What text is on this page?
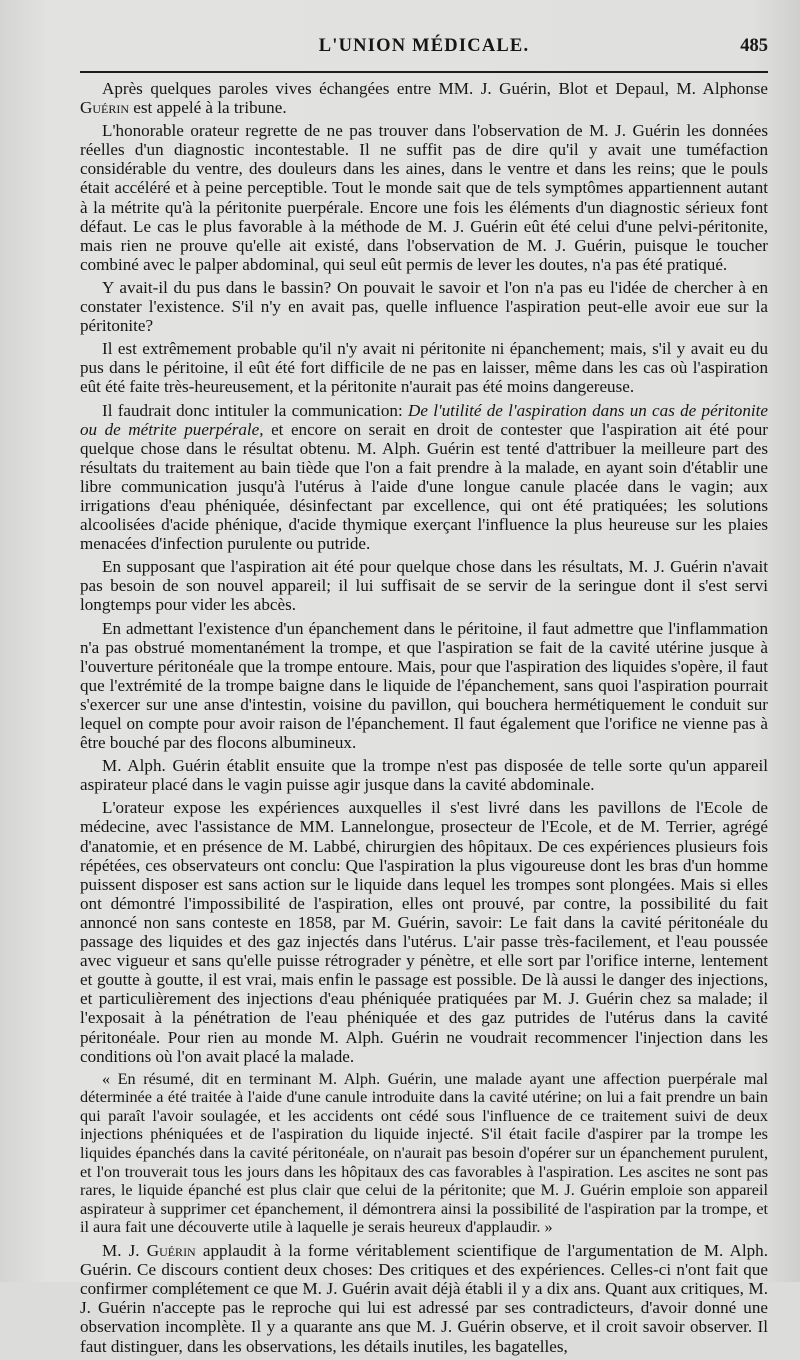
L'UNION MÉDICALE.	485

Après quelques paroles vives échangées entre MM. J. Guérin, Blot et Depaul, M. Alphonse Guérin est appelé à la tribune.

L'honorable orateur regrette de ne pas trouver dans l'observation de M. J. Guérin les données réelles d'un diagnostic incontestable. Il ne suffit pas de dire qu'il y avait une tuméfaction considérable du ventre, des douleurs dans les aines, dans le ventre et dans les reins; que le pouls était accéléré et à peine perceptible. Tout le monde sait que de tels symptômes appartiennent autant à la métrite qu'à la péritonite puerpérale. Encore une fois les éléments d'un diagnostic sérieux font défaut. Le cas le plus favorable à la méthode de M. J. Guérin eût été celui d'une pelvi-péritonite, mais rien ne prouve qu'elle ait existé, dans l'observation de M. J. Guérin, puisque le toucher combiné avec le palper abdominal, qui seul eût permis de lever les doutes, n'a pas été pratiqué.

Y avait-il du pus dans le bassin? On pouvait le savoir et l'on n'a pas eu l'idée de chercher à en constater l'existence. S'il n'y en avait pas, quelle influence l'aspiration peut-elle avoir eue sur la péritonite?

Il est extrêmement probable qu'il n'y avait ni péritonite ni épanchement; mais, s'il y avait eu du pus dans le péritoine, il eût été fort difficile de ne pas en laisser, même dans les cas où l'aspiration eût été faite très-heureusement, et la péritonite n'aurait pas été moins dangereuse.

Il faudrait donc intituler la communication: De l'utilité de l'aspiration dans un cas de péritonite ou de métrite puerpérale, et encore on serait en droit de contester que l'aspiration ait été pour quelque chose dans le résultat obtenu. M. Alph. Guérin est tenté d'attribuer la meilleure part des résultats du traitement au bain tiède que l'on a fait prendre à la malade, en ayant soin d'établir une libre communication jusqu'à l'utérus à l'aide d'une longue canule placée dans le vagin; aux irrigations d'eau phéniquée, désinfectant par excellence, qui ont été pratiquées; les solutions alcoolisées d'acide phénique, d'acide thymique exerçant l'influence la plus heureuse sur les plaies menacées d'infection purulente ou putride.

En supposant que l'aspiration ait été pour quelque chose dans les résultats, M. J. Guérin n'avait pas besoin de son nouvel appareil; il lui suffisait de se servir de la seringue dont il s'est servi longtemps pour vider les abcès.

En admettant l'existence d'un épanchement dans le péritoine, il faut admettre que l'inflammation n'a pas obstrué momentanément la trompe, et que l'aspiration se fait de la cavité utérine jusque à l'ouverture péritonéale que la trompe entoure. Mais, pour que l'aspiration des liquides s'opère, il faut que l'extrémité de la trompe baigne dans le liquide de l'épanchement, sans quoi l'aspiration pourrait s'exercer sur une anse d'intestin, voisine du pavillon, qui bouchera hermétiquement le conduit sur lequel on compte pour avoir raison de l'épanchement. Il faut également que l'orifice ne vienne pas à être bouché par des flocons albumineux.

M. Alph. Guérin établit ensuite que la trompe n'est pas disposée de telle sorte qu'un appareil aspirateur placé dans le vagin puisse agir jusque dans la cavité abdominale.

L'orateur expose les expériences auxquelles il s'est livré dans les pavillons de l'Ecole de médecine, avec l'assistance de MM. Lannelongue, prosecteur de l'Ecole, et de M. Terrier, agrégé d'anatomie, et en présence de M. Labbé, chirurgien des hôpitaux. De ces expériences plusieurs fois répétées, ces observateurs ont conclu: Que l'aspiration la plus vigoureuse dont les bras d'un homme puissent disposer est sans action sur le liquide dans lequel les trompes sont plongées. Mais si elles ont démontré l'impossibilité de l'aspiration, elles ont prouvé, par contre, la possibilité du fait annoncé non sans conteste en 1858, par M. Guérin, savoir: Le fait dans la cavité péritonéale du passage des liquides et des gaz injectés dans l'utérus. L'air passe très-facilement, et l'eau poussée avec vigueur et sans qu'elle puisse rétrograder y pénètre, et elle sort par l'orifice interne, lentement et goutte à goutte, il est vrai, mais enfin le passage est possible. De là aussi le danger des injections, et particulièrement des injections d'eau phéniquée pratiquées par M. J. Guérin chez sa malade; il l'exposait à la pénétration de l'eau phéniquée et des gaz putrides de l'utérus dans la cavité péritonéale. Pour rien au monde M. Alph. Guérin ne voudrait recommencer l'injection dans les conditions où l'on avait placé la malade.

« En résumé, dit en terminant M. Alph. Guérin, une malade ayant une affection puerpérale mal déterminée a été traitée à l'aide d'une canule introduite dans la cavité utérine; on lui a fait prendre un bain qui paraît l'avoir soulagée, et les accidents ont cédé sous l'influence de ce traitement suivi de deux injections phéniquées et de l'aspiration du liquide injecté. S'il était facile d'aspirer par la trompe les liquides épanchés dans la cavité péritonéale, on n'aurait pas besoin d'opérer sur un épanchement purulent, et l'on trouverait tous les jours dans les hôpitaux des cas favorables à l'aspiration. Les ascites ne sont pas rares, le liquide épanché est plus clair que celui de la péritonite; que M. J. Guérin emploie son appareil aspirateur à supprimer cet épanchement, il démontrera ainsi la possibilité de l'aspiration par la trompe, et il aura fait une découverte utile à laquelle je serais heureux d'applaudir. »

M. J. Guérin applaudit à la forme véritablement scientifique de l'argumentation de M. Alph. Guérin. Ce discours contient deux choses: Des critiques et des expériences. Celles-ci n'ont fait que confirmer complétement ce que M. J. Guérin avait déjà établi il y a dix ans. Quant aux critiques, M. J. Guérin n'accepte pas le reproche qui lui est adressé par ses contradicteurs, d'avoir donné une observation incomplète. Il y a quarante ans que M. J. Guérin observe, et il croit savoir observer. Il faut distinguer, dans les observations, les détails inutiles, les bagatelles,
